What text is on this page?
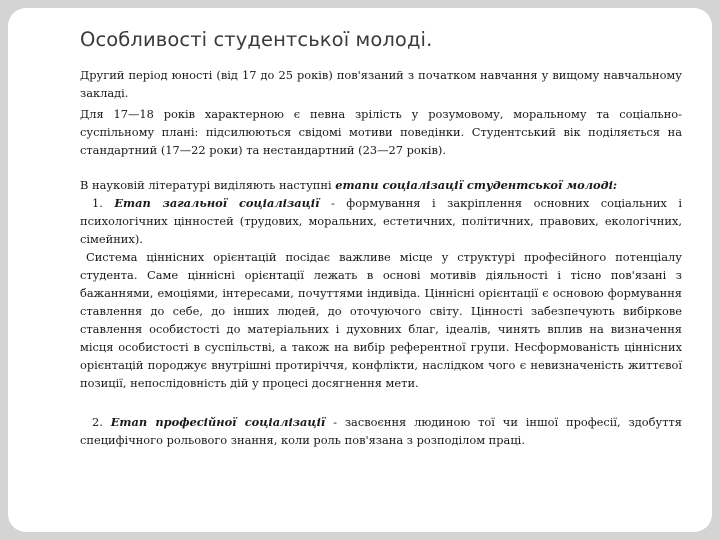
Особливості студентської молоді.

Другий період юності (від 17 до 25 років) пов'язаний з початком навчання у вищому навчальному закладі.

Для 17—18 років характерною є певна зрілість у розумовому, моральному та соціально-суспільному плані: підсилюються свідомі мотиви поведінки. Студентський вік поділяється на стандартний (17—22 роки) та нестандартний (23—27 років).

В науковій літературі виділяють наступні етапи соціалізації студентської молоді:

1. Етап загальної соціалізації - формування і закріплення основних соціальних і психологічних цінностей (трудових, моральних, естетичних, політичних, правових, екологічних, сімейних).

Система ціннісних орієнтацій посідає важливе місце у структурі професійного потенціалу студента. Саме ціннісні орієнтації лежать в основі мотивів діяльності і тісно пов'язані з бажаннями, емоціями, інтересами, почуттями індивіда. Ціннісні орієнтації є основою формування ставлення до себе, до інших людей, до оточуючого світу. Цінності забезпечують вибіркове ставлення особистості до матеріальних і духовних благ, ідеалів, чинять вплив на визначення місця особистості в суспільстві, а також на вибір референтної групи. Несформованість ціннісних орієнтацій породжує внутрішні протиріччя, конфлікти, наслідком чого є невизначеність життєвої позиції, непослідовність дій у процесі досягнення мети.

2. Етап професійної соціалізації - засвоєння людиною тої чи іншої професії, здобуття специфічного рольового знання, коли роль пов'язана з розподілом праці.
